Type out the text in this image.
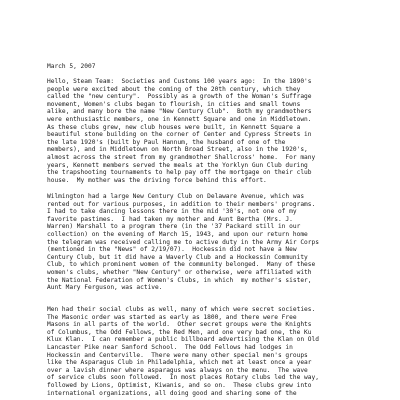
March 5, 2007

Hello, Steam Team:  Societies and Customs 100 years ago:  In the 1890's
people were excited about the coming of the 20th century, which they
called the "new century".  Possibly as a growth of the Woman's Suffrage
movement, Women's clubs began to flourish, in cities and small towns
alike, and many bore the name "New Century Club".  Both my grandmothers
were enthusiastic members, one in Kennett Square and one in Middletown.
As these clubs grew, new club houses were built, in Kennett Square a
beautiful stone building on the corner of Center and Cypress Streets in
the late 1920's (built by Paul Hannum, the husband of one of the
members), and in Middletown on North Broad Street, also in the 1920's,
almost across the street from my grandmother Shallcross' home.  For many
years, Kennett members served the meals at the Yorklyn Gun Club during
the trapshooting tournaments to help pay off the mortgage on their club
house.  My mother was the driving force behind this effort.

Wilmington had a large New Century Club on Delaware Avenue, which was
rented out for various purposes, in addition to their members' programs.
I had to take dancing lessons there in the mid '30's, not one of my
favorite pastimes.  I had taken my mother and Aunt Bertha (Mrs. J.
Warren) Marshall to a program there (in the '37 Packard still in our
collection) on the evening of March 15, 1943, and upon our return home
the telegram was received calling me to active duty in the Army Air Corps
(mentioned in the "News" of 2/19/07).  Hockessin did not have a New
Century Club, but it did have a Waverly Club and a Hockessin Community
Club, to which prominent women of the community belonged.  Many of these
women's clubs, whether "New Century" or otherwise, were affiliated with
the National Federation of Women's Clubs, in which  my mother's sister,
Aunt Mary Ferguson, was active.

Men had their social clubs as well, many of which were secret societies.
The Masonic order was started as early as 1800, and there were Free
Masons in all parts of the world.  Other secret groups were the Knights
of Columbus, the Odd Fellows, the Red Men, and one very bad one, the Ku
Klux Klan.  I can remember a public billboard advertising the Klan on Old
Lancaster Pike near Sanford School.  The Odd Fellows had lodges in
Hockessin and Centerville.  There were many other special men's groups
like the Asparagus Club in Philadelphia, which met at least once a year
over a lavish dinner where asparagus was always on the menu.  The wave
of service clubs soon followed.  In most places Rotary clubs led the way,
followed by Lions, Optimist, Kiwanis, and so on.  These clubs grew into
international organizations, all doing good and sharing some of the
